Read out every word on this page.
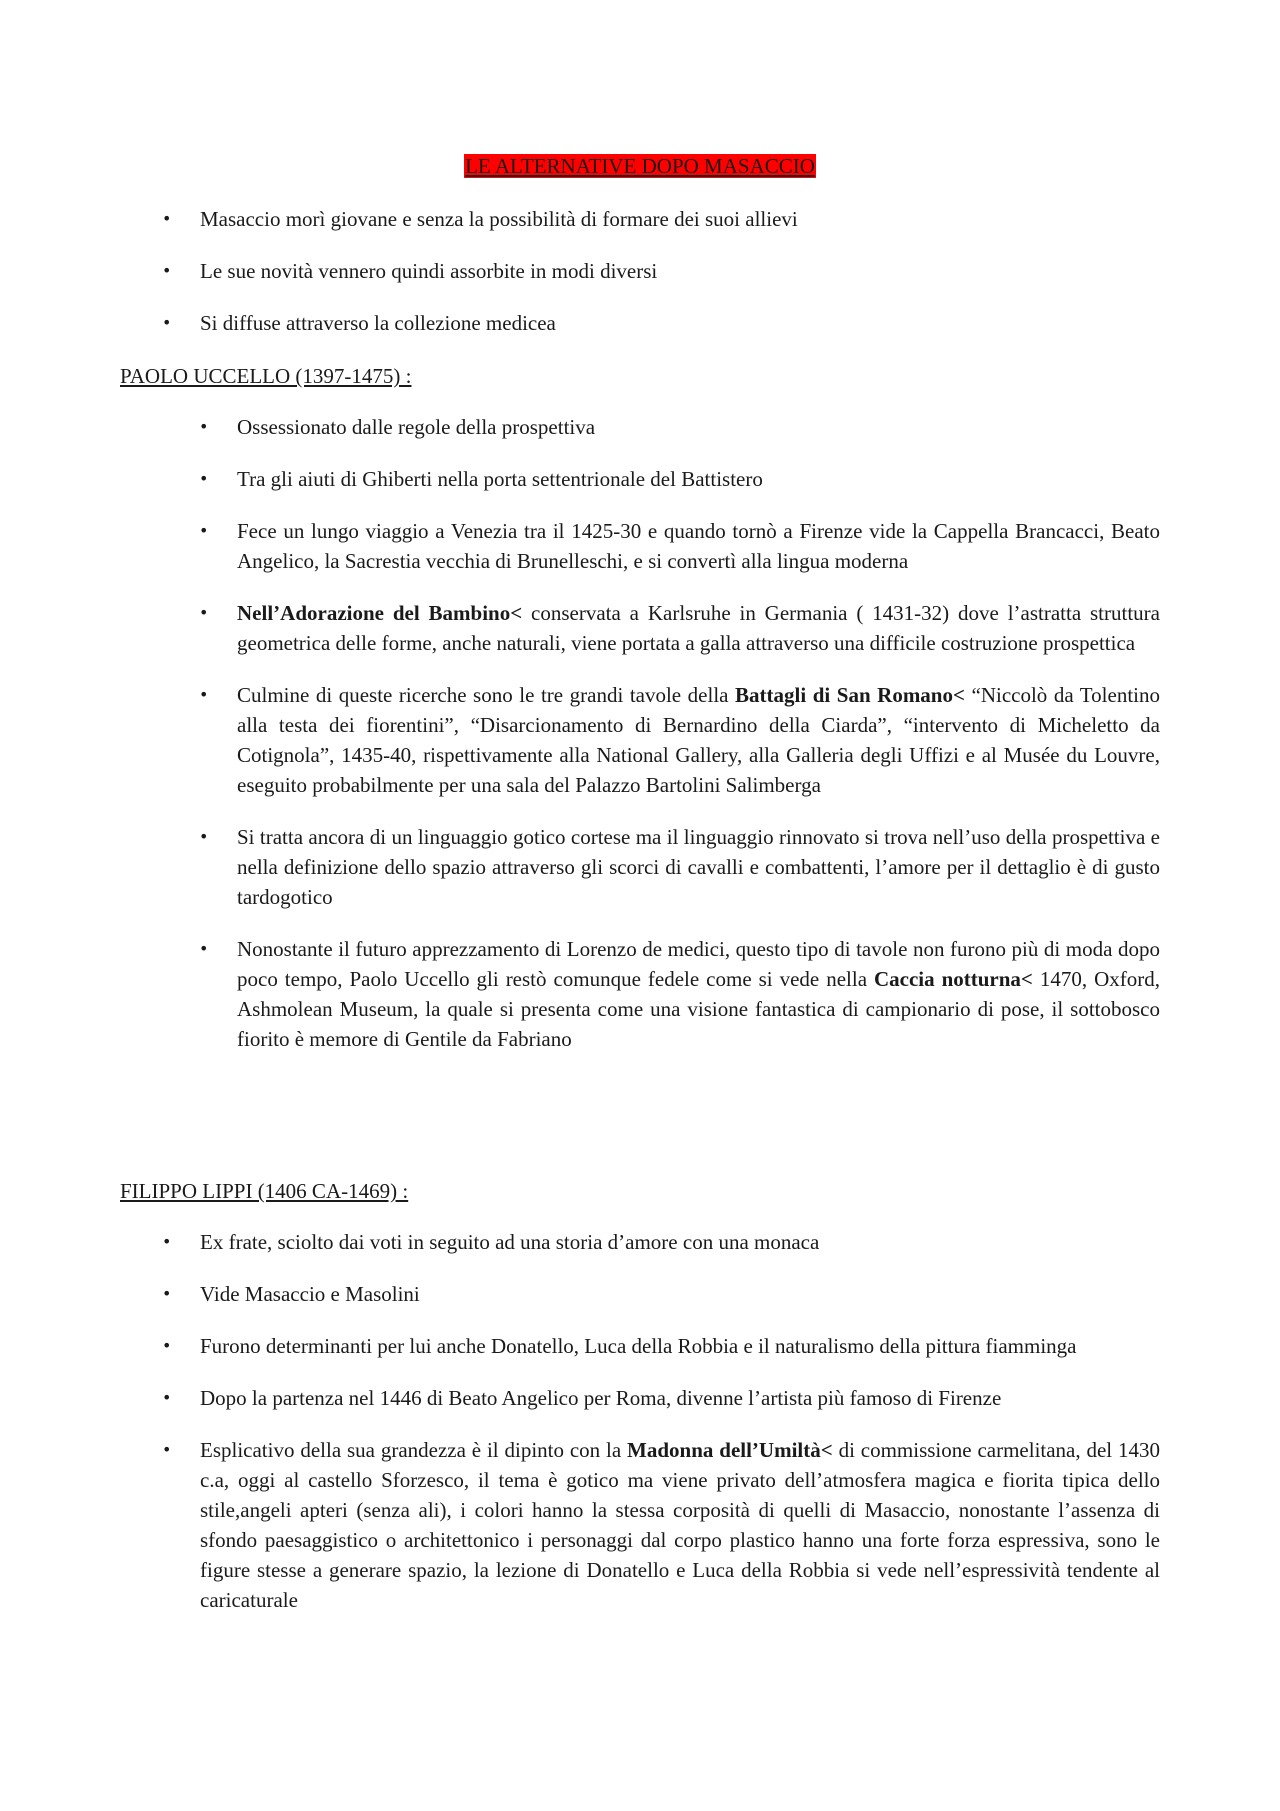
LE ALTERNATIVE DOPO MASACCIO
• Masaccio morì giovane e senza la possibilità di formare dei suoi allievi
• Le sue novità vennero quindi assorbite in modi diversi
• Si diffuse attraverso la collezione medicea
PAOLO UCCELLO (1397-1475) :
• Ossessionato dalle regole della prospettiva
• Tra gli aiuti di Ghiberti nella porta settentrionale del Battistero
• Fece un lungo viaggio a Venezia tra il 1425-30 e quando tornò a Firenze vide la Cappella Brancacci, Beato Angelico, la Sacrestia vecchia di Brunelleschi, e si convertì alla lingua moderna
• Nell’Adorazione del Bambino< conservata a Karlsruhe in Germania ( 1431-32) dove l’astratta struttura geometrica delle forme, anche naturali, viene portata a galla attraverso una difficile costruzione prospettica
• Culmine di queste ricerche sono le tre grandi tavole della Battagli di San Romano< “Niccolò da Tolentino alla testa dei fiorentini”, “Disarcionamento di Bernardino della Ciarda”, “intervento di Micheletto da Cotignola”, 1435-40, rispettivamente alla National Gallery, alla Galleria degli Uffizi e al Musée du Louvre, eseguito probabilmente per una sala del Palazzo Bartolini Salimberga
• Si tratta ancora di un linguaggio gotico cortese ma il linguaggio rinnovato si trova nell’uso della prospettiva e nella definizione dello spazio attraverso gli scorci di cavalli e combattenti, l’amore per il dettaglio è di gusto tardogotico
• Nonostante il futuro apprezzamento di Lorenzo de medici, questo tipo di tavole non furono più di moda dopo poco tempo, Paolo Uccello gli restò comunque fedele come si vede nella Caccia notturna< 1470, Oxford, Ashmolean Museum, la quale si presenta come una visione fantastica di campionario di pose, il sottobosco fiorito è memore di Gentile da Fabriano
FILIPPO LIPPI (1406 CA-1469) :
• Ex frate, sciolto dai voti in seguito ad una storia d’amore con una monaca
• Vide Masaccio e Masolini
• Furono determinanti per lui anche Donatello, Luca della Robbia e il naturalismo della pittura fiamminga
• Dopo la partenza nel 1446 di Beato Angelico per Roma, divenne l’artista più famoso di Firenze
• Esplicativo della sua grandezza è il dipinto con la Madonna dell’Umiltà< di commissione carmelitana, del 1430 c.a, oggi al castello Sforzesco, il tema è gotico ma viene privato dell’atmosfera magica e fiorita tipica dello stile,angeli apteri (senza ali), i colori hanno la stessa corposità di quelli di Masaccio, nonostante l’assenza di sfondo paesaggistico o architettonico i personaggi dal corpo plastico hanno una forte forza espressiva, sono le figure stesse a generare spazio, la lezione di Donatello e Luca della Robbia si vede nell’espressività tendente al caricaturale
